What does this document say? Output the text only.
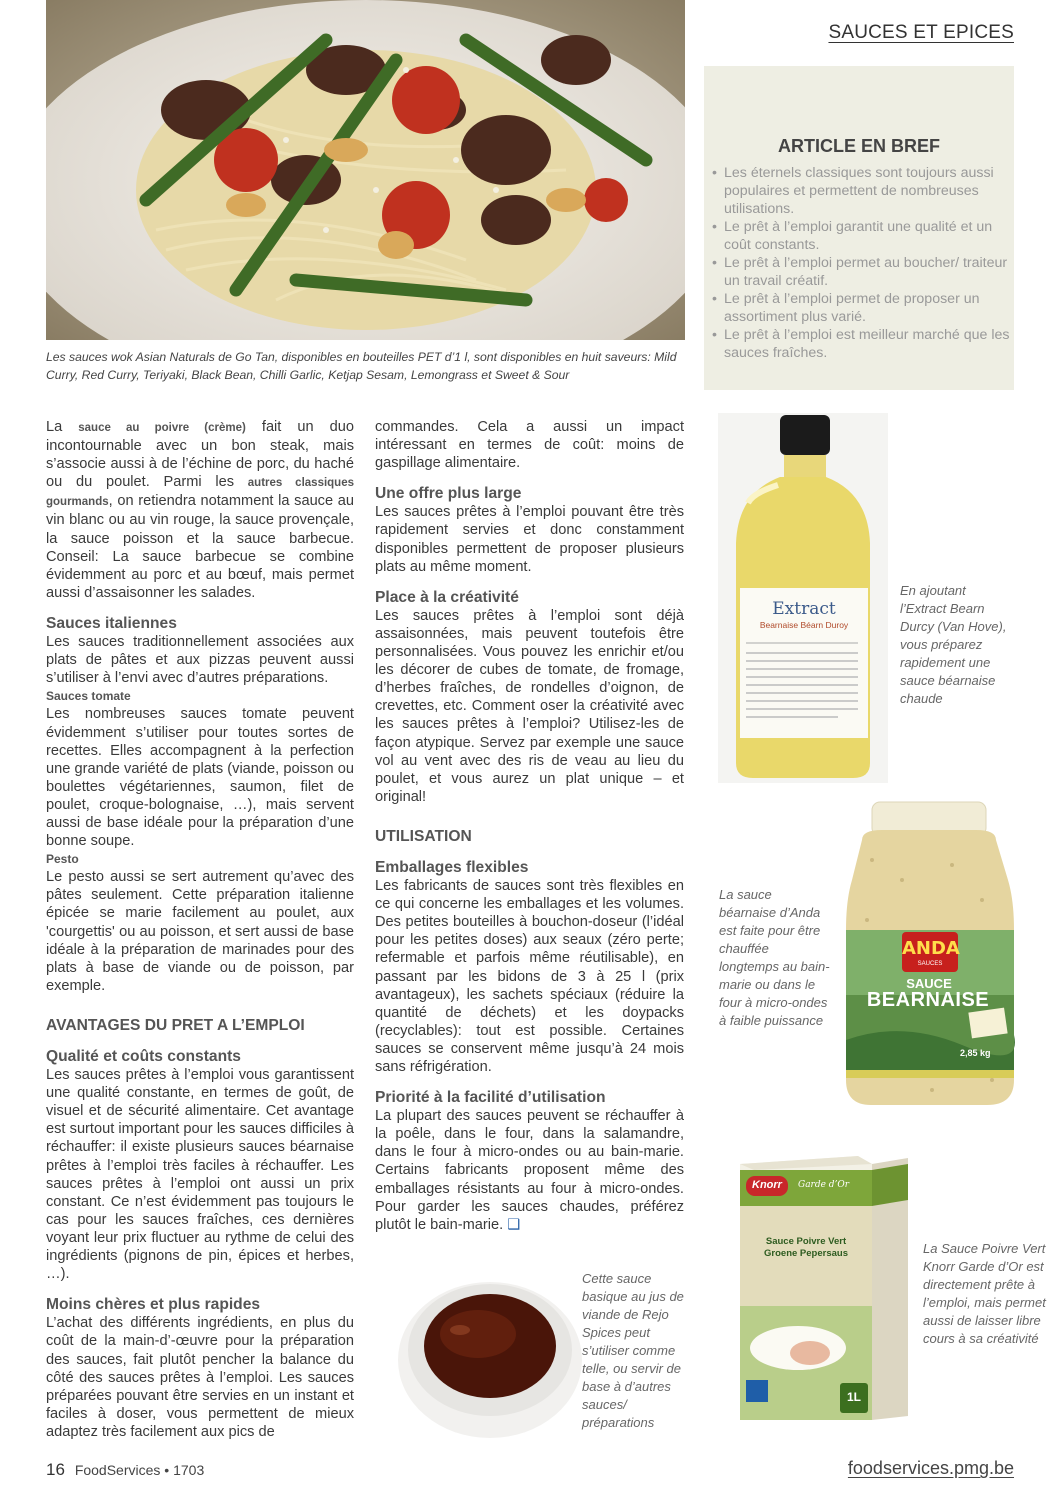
Les sauces wok Asian Naturals de Go Tan, disponibles en bouteilles PET d’1 l, sont disponibles en huit saveurs: Mild Curry, Red Curry, Teriyaki, Black Bean, Chilli Garlic, Ketjap Sesam, Lemongrass et Sweet & Sour
SAUCES ET EPICES
ARTICLE EN BREF
• Les éternels classiques sont toujours aussi populaires et permettent de nombreuses utilisations.
• Le prêt à l’emploi garantit une qualité et un coût constants.
• Le prêt à l’emploi permet au boucher/ traiteur un travail créatif.
• Le prêt à l’emploi permet de proposer un assortiment plus varié.
• Le prêt à l’emploi est meilleur marché que les sauces fraîches.

La sauce au poivre (crème) fait un duo incontournable avec un bon steak, mais s’associe aussi à de l’échine de porc, du haché ou du poulet. Parmi les autres classiques gourmands, on retiendra notamment la sauce au vin blanc ou au vin rouge, la sauce provençale, la sauce poisson et la sauce barbecue. Conseil: La sauce barbecue se combine évidemment au porc et au bœuf, mais permet aussi d’assaisonner les salades.

Sauces italiennes

Les sauces traditionnellement associées aux plats de pâtes et aux pizzas peuvent aussi s’utiliser à l’envi avec d’autres préparations.

Sauces tomate

Les nombreuses sauces tomate peuvent évidemment s’utiliser pour toutes sortes de recettes. Elles accompagnent à la perfection une grande variété de plats (viande, poisson ou boulettes végétariennes, saumon, filet de poulet, croque-bolognaise, …), mais servent aussi de base idéale pour la préparation d’une bonne soupe.

Pesto

Le pesto aussi se sert autrement qu’avec des pâtes seulement. Cette préparation italienne épicée se marie facilement au poulet, aux 'courgettis' ou au poisson, et sert aussi de base idéale à la préparation de marinades pour des plats à base de viande ou de poisson, par exemple.

AVANTAGES DU PRET A L’EMPLOI
Qualité et coûts constants

Les sauces prêtes à l’emploi vous garantissent une qualité constante, en termes de goût, de visuel et de sécurité alimentaire. Cet avantage est surtout important pour les sauces difficiles à réchauffer: il existe plusieurs sauces béarnaise prêtes à l’emploi très faciles à réchauffer. Les sauces prêtes à l’emploi ont aussi un prix constant. Ce n’est évidemment pas toujours le cas pour les sauces fraîches, ces dernières voyant leur prix fluctuer au rythme de celui des ingrédients (pignons de pin, épices et herbes, …).

Moins chères et plus rapides

L’achat des différents ingrédients, en plus du coût de la main-d’-œuvre pour la préparation des sauces, fait plutôt pencher la balance du côté des sauces prêtes à l’emploi. Les sauces préparées pouvant être servies en un instant et faciles à doser, vous permettent de mieux adaptez très facilement aux pics de

commandes. Cela a aussi un impact intéressant en termes de coût: moins de gaspillage alimentaire.

Une offre plus large

Les sauces prêtes à l’emploi pouvant être très rapidement servies et donc constamment disponibles permettent de proposer plusieurs plats au même moment.

Place à la créativité

Les sauces prêtes à l’emploi sont déjà assaisonnées, mais peuvent toutefois être personnalisées. Vous pouvez les enrichir et/ou les décorer de cubes de tomate, de fromage, d’herbes fraîches, de rondelles d’oignon, de crevettes, etc. Comment oser la créativité avec les sauces prêtes à l’emploi? Utilisez-les de façon atypique. Servez par exemple une sauce vol au vent avec des ris de veau au lieu du poulet, et vous aurez un plat unique – et original!

UTILISATION
Emballages flexibles

Les fabricants de sauces sont très flexibles en ce qui concerne les emballages et les volumes. Des petites bouteilles à bouchon-doseur (l’idéal pour les petites doses) aux seaux (zéro perte; refermable et parfois même réutilisable), en passant par les bidons de 3 à 25 l (prix avantageux), les sachets spéciaux (réduire la quantité de déchets) et les doypacks (recyclables): tout est possible. Certaines sauces se conservent même jusqu’à 24 mois sans réfrigération.

Priorité à la facilité d’utilisation

La plupart des sauces peuvent se réchauffer à la poêle, dans le four, dans la salamandre, dans le four à micro-ondes ou au bain-marie. Certains fabricants proposent même des emballages résistants au four à micro-ondes. Pour garder les sauces chaudes, préférez plutôt le bain-marie. ❑

Extract
Bearnaise Béarn Duroy
En ajoutant l’Extract Bearn Durcy (Van Hove), vous préparez rapidement une sauce béarnaise chaude
ANDA
SAUCES
SAUCE
BEARNAISE
2,85 kg
La sauce béarnaise d’Anda est faite pour être chauffée longtemps au bain-marie ou dans le four à micro-ondes à faible puissance
Knorr	Garde d’Or
Sauce Poivre Vert
Groene Pepersaus
1L
La Sauce Poivre Vert Knorr Garde d’Or est directement prête à l’emploi, mais permet aussi de laisser libre cours à sa créativité
Cette sauce basique au jus de viande de Rejo Spices peut s’utiliser comme telle, ou servir de base à d’autres sauces/ préparations
16 FoodServices • 1703	foodservices.pmg.be
